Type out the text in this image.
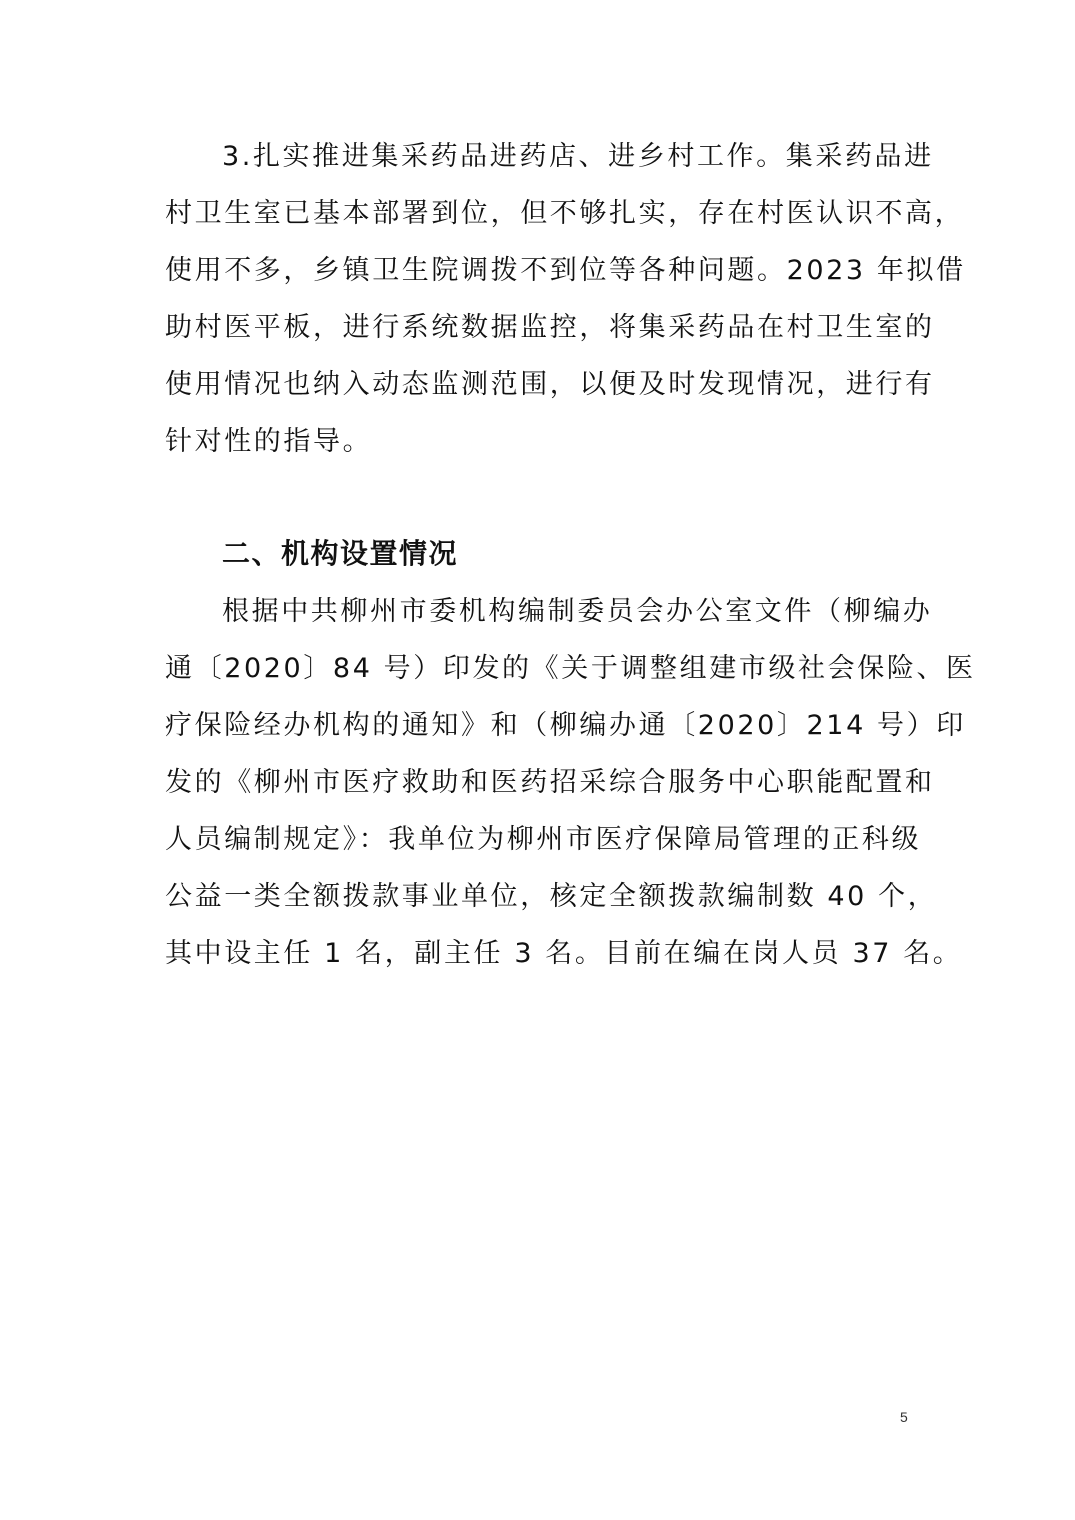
3.扎实推进集采药品进药店、进乡村工作。集采药品进
村卫生室已基本部署到位，但不够扎实，存在村医认识不高，
使用不多，乡镇卫生院调拨不到位等各种问题。2023 年拟借
助村医平板，进行系统数据监控，将集采药品在村卫生室的
使用情况也纳入动态监测范围，以便及时发现情况，进行有
针对性的指导。
二、机构设置情况
根据中共柳州市委机构编制委员会办公室文件（柳编办
通〔2020〕84 号）印发的《关于调整组建市级社会保险、医
疗保险经办机构的通知》和（柳编办通〔2020〕214 号）印
发的《柳州市医疗救助和医药招采综合服务中心职能配置和
人员编制规定》：我单位为柳州市医疗保障局管理的正科级
公益一类全额拨款事业单位，核定全额拨款编制数 40 个，
其中设主任 1 名，副主任 3 名。目前在编在岗人员 37 名。
5
